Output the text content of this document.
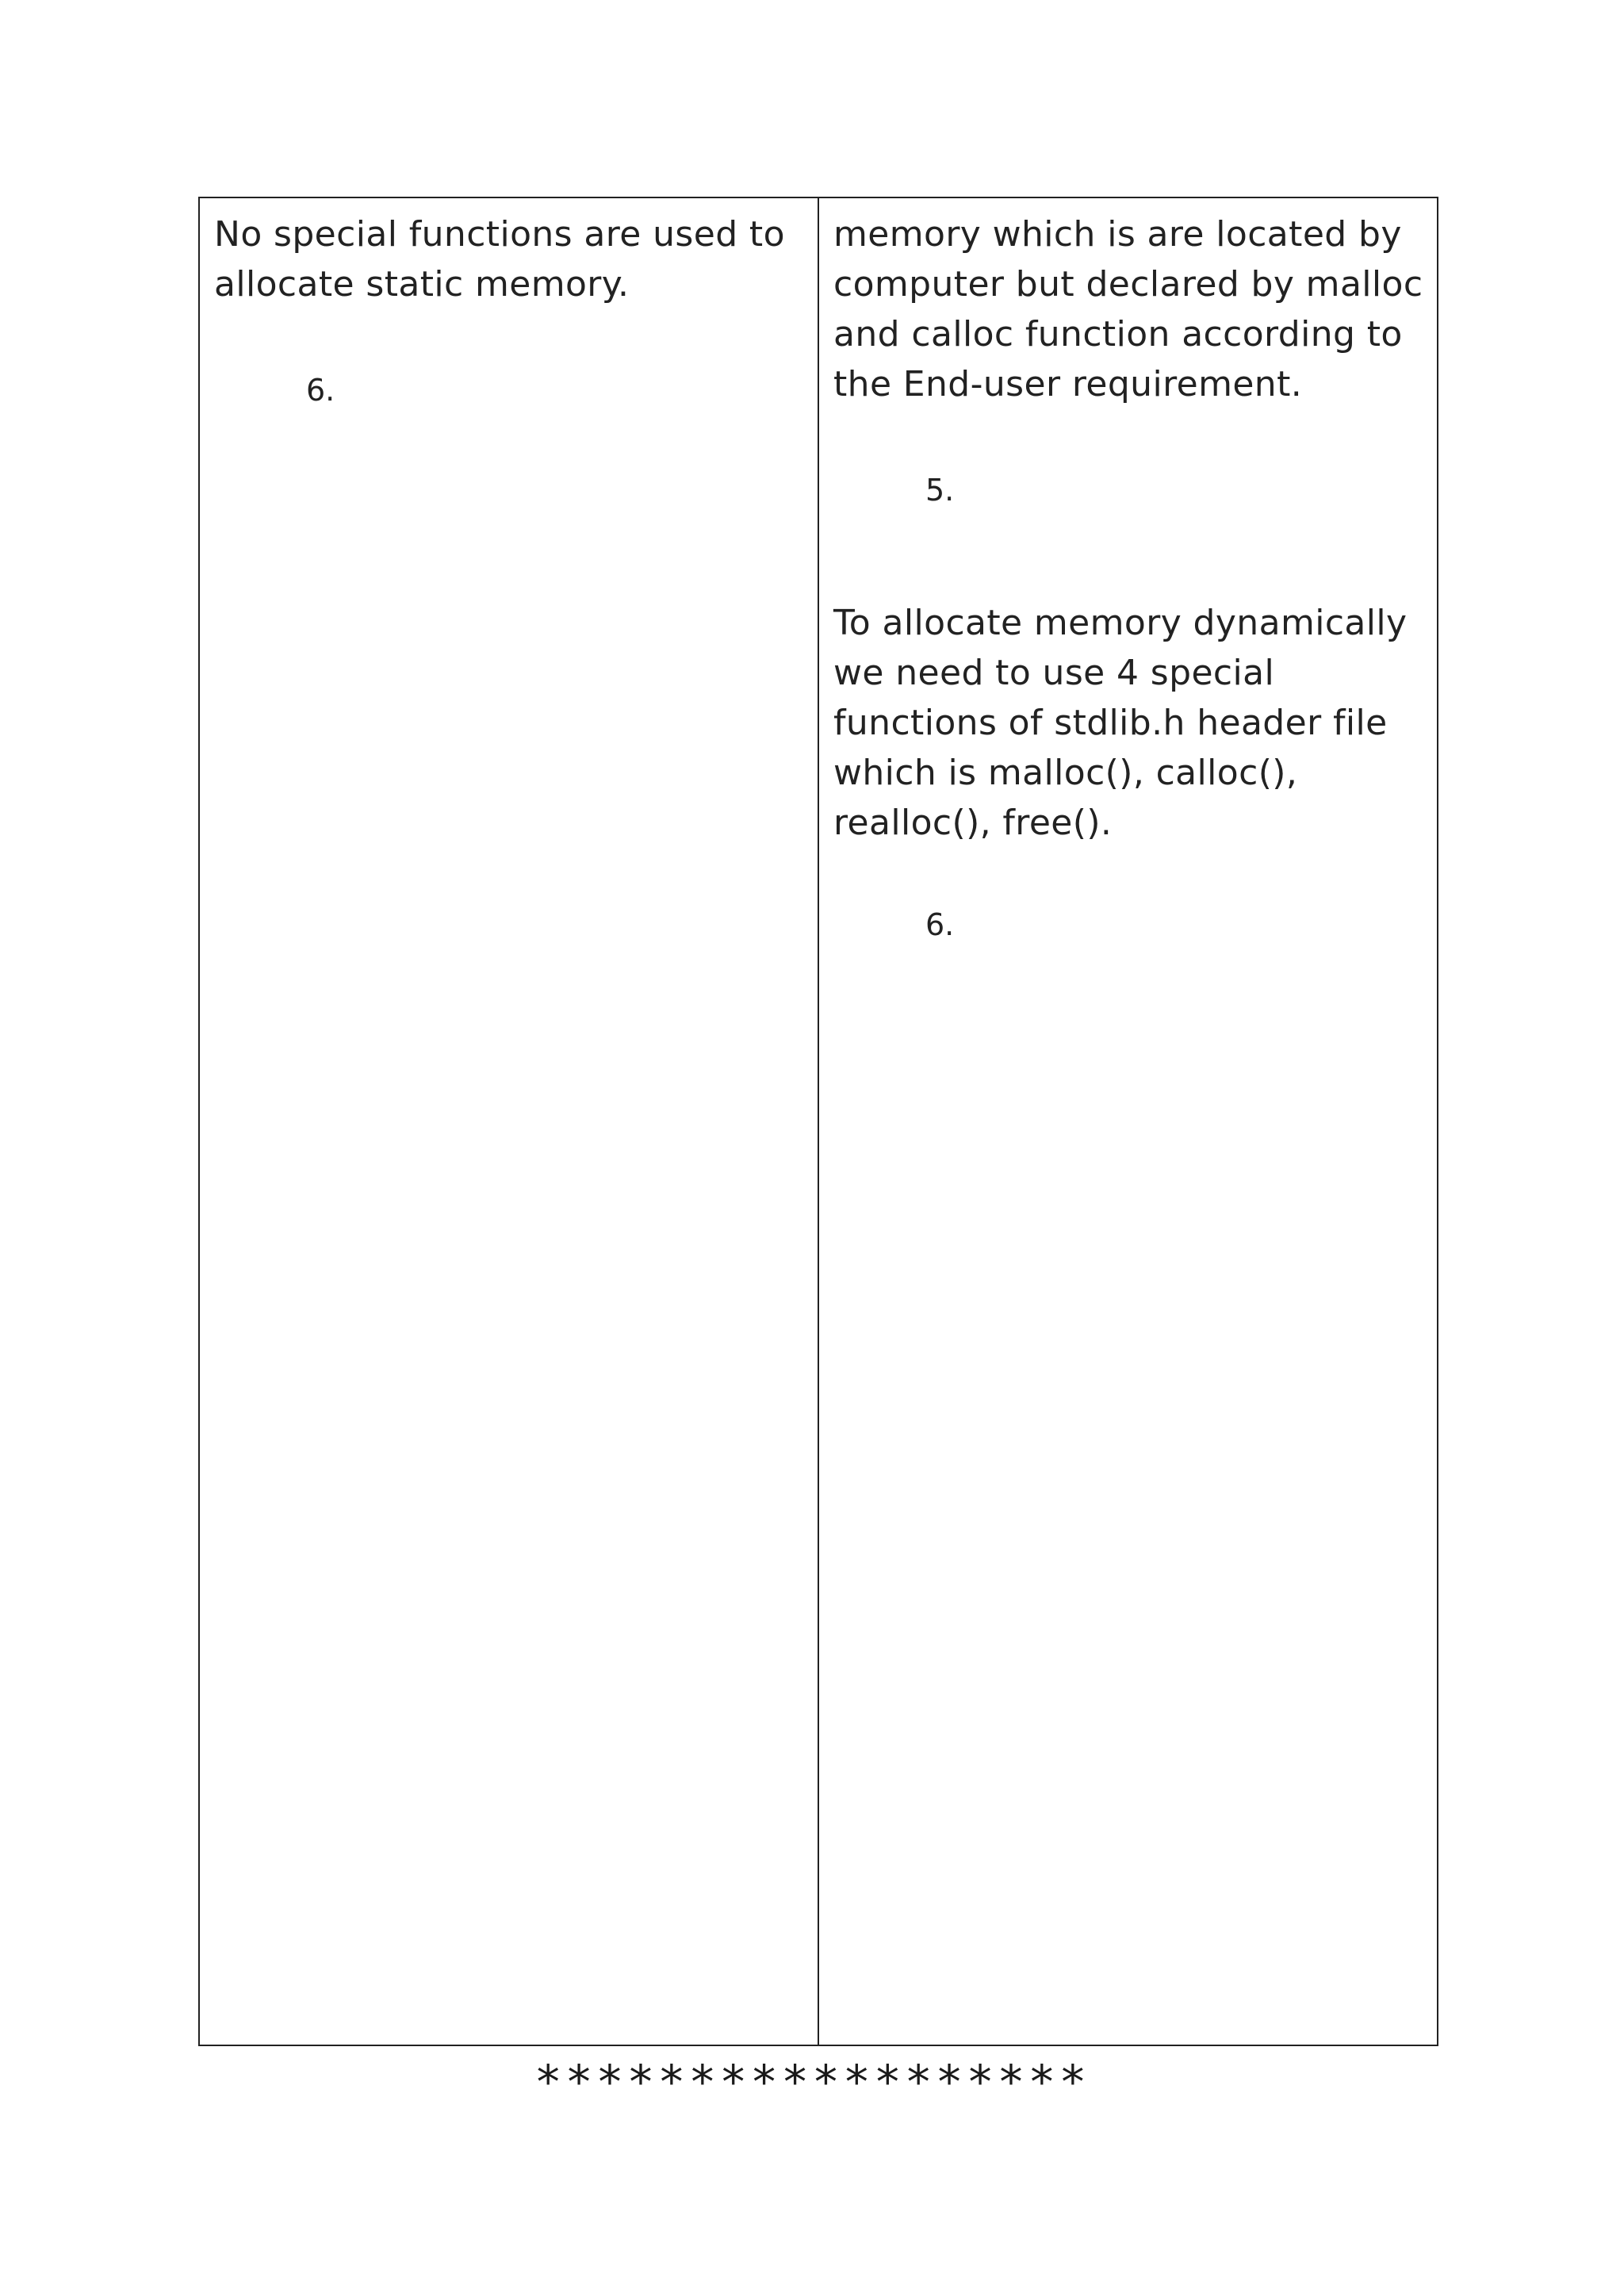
No special functions are used to allocate static memory.

6.

memory which is are located by computer but declared by malloc and calloc function according to the End-user requirement.

5.

To allocate memory dynamically we need to use 4 special functions of stdlib.h header file which is malloc(), calloc(), realloc(), free().

6.

******************
